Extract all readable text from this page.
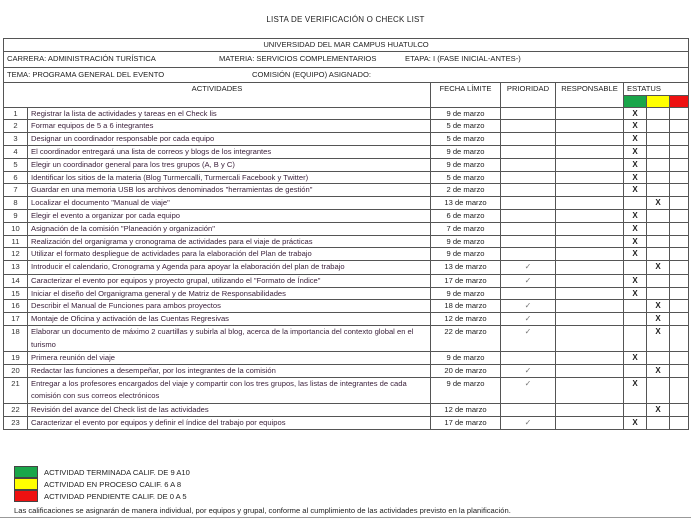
LISTA DE VERIFICACIÓN O CHECK LIST
UNIVERSIDAD DEL MAR CAMPUS HUATULCO							
CARRERA: ADMINISTRACIÓN TURÍSTICA MATERIA: SERVICIOS COMPLEMENTARIOS ETAPA: I (FASE INICIAL-ANTES-)							
TEMA: PROGRAMA GENERAL DEL EVENTO COMISIÓN (EQUIPO) ASIGNADO:							
ACTIVIDADES		FECHA LÍMITE	PRIORIDAD	RESPONSABLE	ESTATUS		

1	Registrar la lista de actividades y tareas en el Check lis	9 de marzo			X		
2	Formar equipos de 5 a 6 integrantes	5 de marzo			X		
3	Designar un coordinador responsable por cada equipo	5 de marzo			X		
4	El coordinador entregará una lista de correos y blogs de los integrantes	9 de marzo			X		
5	Elegir un coordinador general para los tres grupos (A, B y C)	9 de marzo			X		
6	Identificar los sitios de la materia (Blog Turmercalli, Turmercali Facebook y Twitter)	5 de marzo			X		
7	Guardar en una memoria USB los archivos denominados "herramientas de gestión"	2 de marzo			X		
8	Localizar el documento "Manual de viaje"	13 de marzo				X	
9	Elegir el evento a organizar por cada equipo	6 de marzo			X		
10	Asignación de la comisión "Planeación y organización"	7 de marzo			X		
11	Realización del organigrama y cronograma de actividades para el viaje de prácticas	9 de marzo			X		
12	Utilizar el formato despliegue de actividades para la elaboración del Plan de trabajo	9 de marzo			X		
13	Introducir el calendario, Cronograma y Agenda para apoyar la elaboración del plan de trabajo	13 de marzo	✓			X	
14	Caracterizar el evento por equipos y proyecto grupal, utilizando el "Formato de Índice"	17 de marzo	✓		X		
15	Iniciar el diseño del Organigrama general y de Matriz de Responsabilidades	9 de marzo			X		
16	Describir el Manual de Funciones para ambos proyectos	18 de marzo	✓			X	
17	Montaje de Oficina y activación de las Cuentas Regresivas	12 de marzo	✓			X	
18	Elaborar un documento de máximo 2 cuartillas y subirla al blog, acerca de la importancia del contexto global en el turismo	22 de marzo	✓			X	
19	Primera reunión del viaje	9 de marzo			X		
20	Redactar las funciones a desempeñar, por los integrantes de la comisión	20 de marzo	✓			X	
21	Entregar a los profesores encargados del viaje y compartir con los tres grupos, las listas de integrantes de cada comisión con sus correos electrónicos	9 de marzo	✓		X		
22	Revisión del avance del Check list de las actividades	12 de marzo				X	
23	Caracterizar el evento por equipos y definir el índice del trabajo por equipos	17 de marzo	✓		X		
ACTIVIDAD TERMINADA CALIF. DE 9 A10
ACTIVIDAD EN PROCESO CALIF. 6 A 8
ACTIVIDAD PENDIENTE CALIF. DE 0 A 5
Las calificaciones se asignarán de manera individual, por equipos y grupal, conforme al cumplimiento de las actividades previsto en la planificación.
